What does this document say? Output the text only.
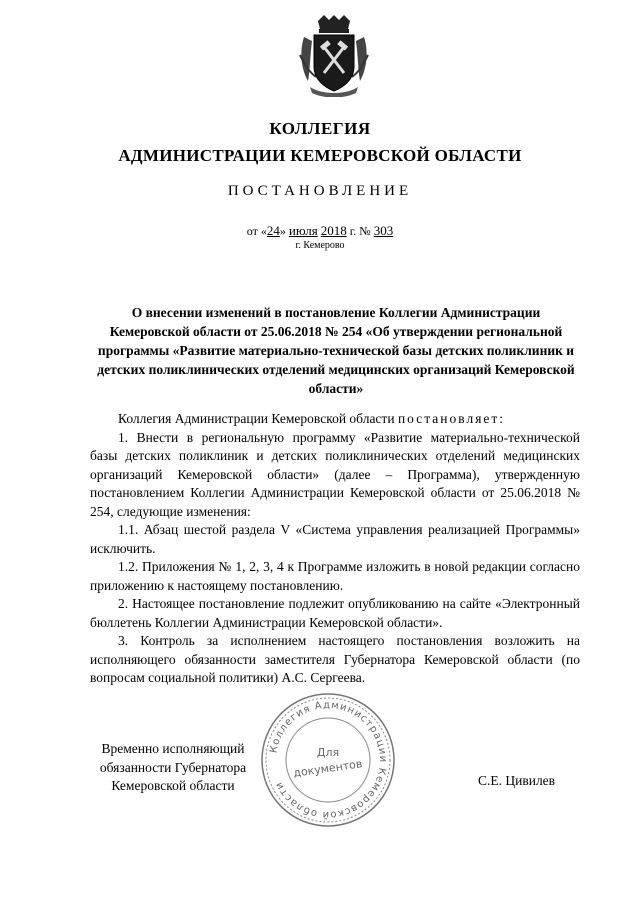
КОЛЛЕГИЯ
АДМИНИСТРАЦИИ КЕМЕРОВСКОЙ ОБЛАСТИ
ПОСТАНОВЛЕНИЕ
от «24» июля 2018 г. № 303
г. Кемерово
О внесении изменений в постановление Коллегии Администрации Кемеровской области от 25.06.2018 № 254 «Об утверждении региональной программы «Развитие материально-технической базы детских поликлиник и детских поликлинических отделений медицинских организаций Кемеровской области»

Коллегия Администрации Кемеровской области постановляет:

1. Внести в региональную программу «Развитие материально-технической базы детских поликлиник и детских поликлинических отделений медицинских организаций Кемеровской области» (далее – Программа), утвержденную постановлением Коллегии Администрации Кемеровской области от 25.06.2018 № 254, следующие изменения:

1.1. Абзац шестой раздела V «Система управления реализацией Программы» исключить.

1.2. Приложения № 1, 2, 3, 4 к Программе изложить в новой редакции согласно приложению к настоящему постановлению.

2. Настоящее постановление подлежит опубликованию на сайте «Электронный бюллетень Коллегии Администрации Кемеровской области».

3. Контроль за исполнением настоящего постановления возложить на исполняющего обязанности заместителя Губернатора Кемеровской области (по вопросам социальной политики) А.С. Сергеева.

Временно исполняющий
обязанности Губернатора
Кемеровской области
Коллегия Администрации Кемеровской области
Для
документов
С.Е. Цивилев
